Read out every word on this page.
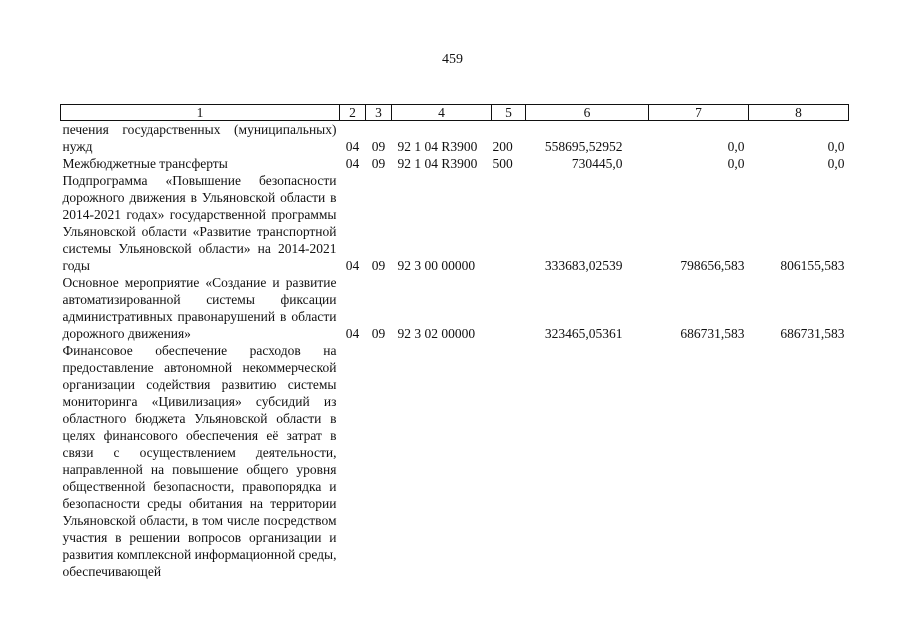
459
1	2	3	4	5	6	7	8
печения государственных (муниципальных) нужд	04	09	92 1 04 R3900	200	558695,52952	0,0	0,0
Межбюджетные трансферты	04	09	92 1 04 R3900	500	730445,0	0,0	0,0
Подпрограмма «Повышение безопасности дорожного движения в Ульяновской области в 2014-2021 годах» государственной программы Ульяновской области «Развитие транспортной системы Ульяновской области» на 2014-2021 годы	04	09	92 3 00 00000		333683,02539	798656,583	806155,583
Основное мероприятие «Создание и развитие автоматизированной системы фиксации административных правонарушений в области дорожного движения»	04	09	92 3 02 00000		323465,05361	686731,583	686731,583
Финансовое обеспечение расходов на предоставление автономной некоммерческой организации содействия развитию системы мониторинга «Цивилизация» субсидий из областного бюджета Ульяновской области в целях финансового обеспечения её затрат в связи с осуществлением деятельности, направленной на повышение общего уровня общественной безопасности, правопорядка и безопасности среды обитания на территории Ульяновской области, в том числе посредством участия в решении вопросов организации и развития комплексной информационной среды, обеспечивающей							
